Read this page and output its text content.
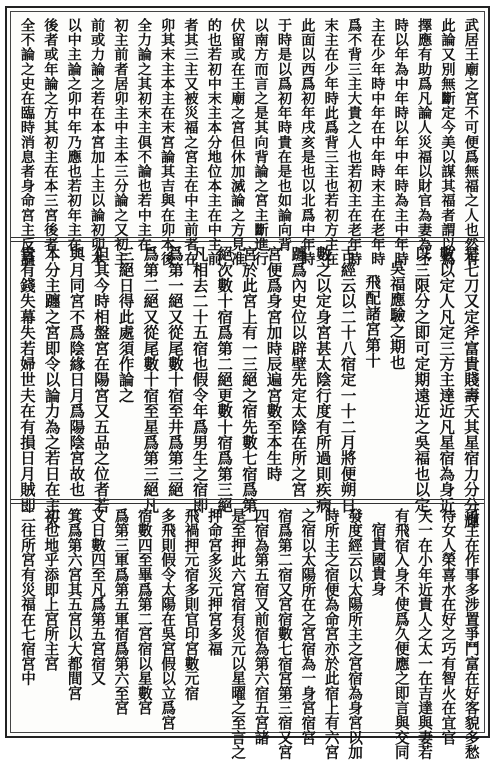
武居王廟之宮不可便爲無福之人也然有
此論又別無斷定今美以謀其福者謂以爲
擇應有助爲凡論人災福以財官為妻為予
時以年為中年時以年中年時為主中年時
主在少年時中年在中年時末主在老年時
爲不背三主大貴之人也若初主在老年時
末主在少年時此爲背三主也若初方主在
此面以西爲初年戌亥是也以北爲中年時
于時是以爲初年時貴在是也如論向背
以南方而言之是其向背論之宮主斷進行
伏留或在王廟之宮但休加滅論之方見准
的也若初中末主本分地位本主在中主前
者其三主又被災福之宮主在中主前者在
卯其末主本主在末宮論其吉與在卯本後
全力論之其初末主俱不論也若中主在
初主前者居卯主中主本三分論之又初主
前或力論之若在本宮加上主以論初卯本
以中主論之卯中年乃應也若初年主在
後者或年論之方其初主在本三宮後者
全不論之史在臨時消息者身命宮主反論
是七刀又定斧富貴賤壽夭其星宿力分分輝
數以定人凡定三方主達近凡星宿為身近
以三限分之即可定期遠近之吳福也以定
吳福應驗之期也
飛配諸宮第十
古經云以二十八宿定一十二月將便朔日
數之以定身宮甚太陰行度有所過則疾病
躔爲內史位以辟壁先定太陰在所之宮
宮便爲身宮加時辰遍宮數至本生時
宮於此宮上有一三絕之宿先數七宿爲第一
絕次數十宿爲第二絕更數十宿爲第三絕
凡相去二十五宿也假令年爲男生之宿即
爲第一絕又從尾數十宿至井爲第三絕
爲第二絕又從尾數十宿至星爲第三絕凡
三絕日得此處須作論之
但其今時相盤宮在陽宮又五品之位者若
與月同宮不爲陰緣日月爲陽陰宮故也
本分主躔之宮即令以論力為之若日在主大
貴有錢失幕失若婦世夫在有損日月賊即
可主在作事多涉置爭鬥富在好客貌多愁
待女人榮喜水在好之巧有智火在宜官
天一在小年近貴人之太一在吉達與妻若
有飛宿入身不使爲久便應之即言與交同
宿貴國貴身
發度經云以太陽所主之宮宿為身宮以加
時所主之宿便為命宮亦於此宿上有六宮
之宿以太陽所在之宮宿為一身宮宿宮
宿爲第二宿又宮宿數七宿宮第三宿又宮
四宿為第五宿又前宿為第六宿五宮諸
是至押此六宮宿有災元以星曜之至言之
押命宮多災元押宮多福
飛禍押元宿多則官印宮數元宿
多飛則假令太陽在吳宮假以立爲宮
宿數四至畢爲第二宮宿以星數宮
爲第三軍爲第五軍宿爲第六至宮
又日數四至凡爲第五宮宿又
箕爲第六宮其五宮以大都間宮
初也地乎添即上宮所主宮
二往所宮有災福在七宿宮中
